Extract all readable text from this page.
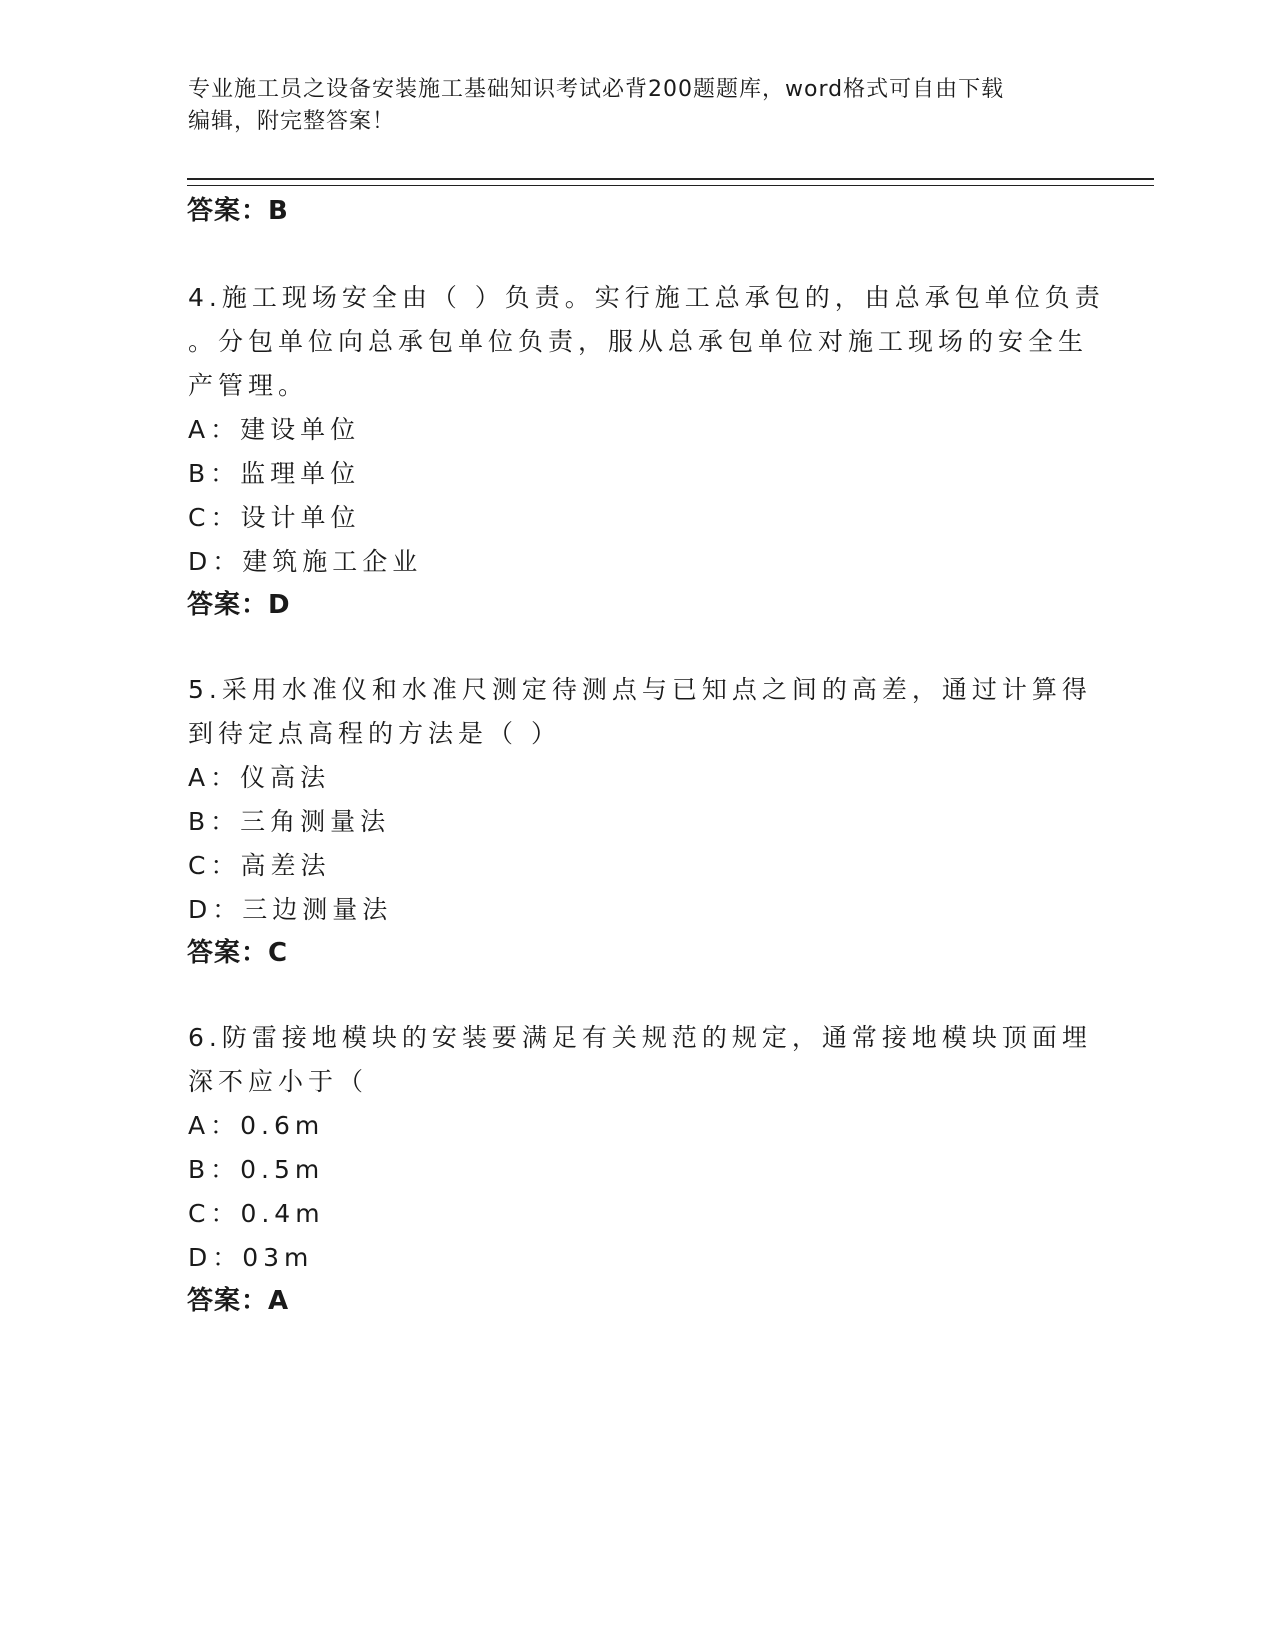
专业施工员之设备安装施工基础知识考试必背200题题库，word格式可自由下载
编辑，附完整答案！
答案：B
4.施工现场安全由（ ）负责。实行施工总承包的，由总承包单位负责
。分包单位向总承包单位负责，服从总承包单位对施工现场的安全生
产管理。
A：建设单位
B：监理单位
C：设计单位
D：建筑施工企业
答案：D
5.采用水准仪和水准尺测定待测点与已知点之间的高差，通过计算得
到待定点高程的方法是（ ）
A：仪高法
B：三角测量法
C：高差法
D：三边测量法
答案：C
6.防雷接地模块的安装要满足有关规范的规定，通常接地模块顶面埋
深不应小于（
A：0.6m
B：0.5m
C：0.4m
D：03m
答案：A
